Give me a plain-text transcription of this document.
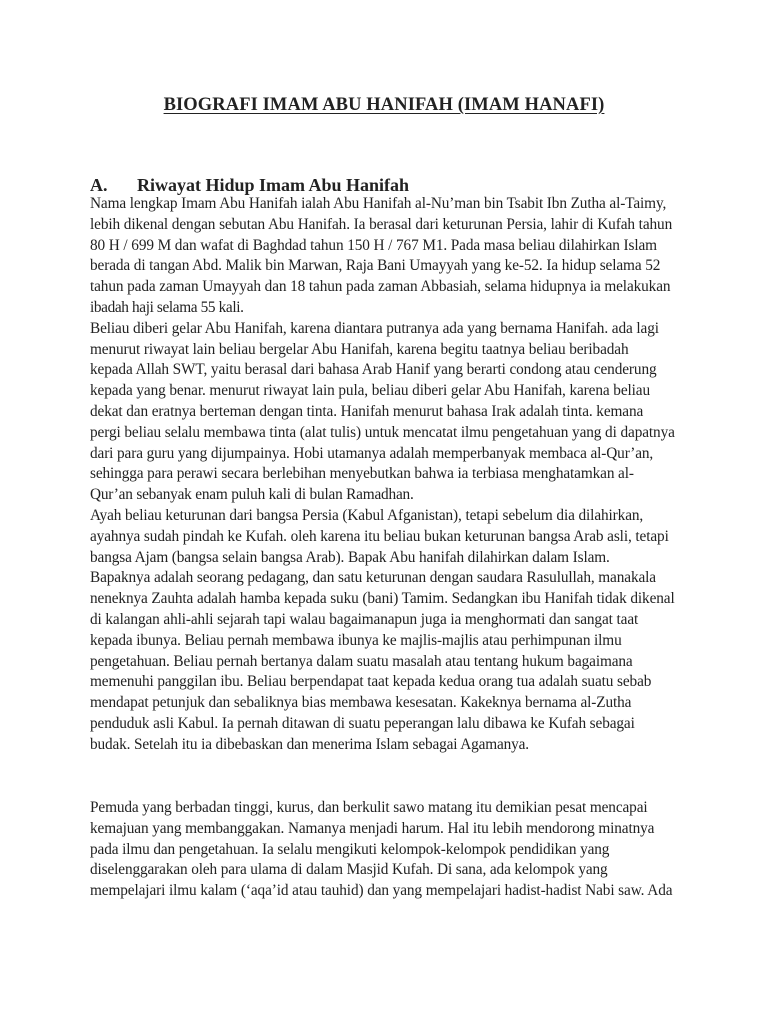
BIOGRAFI IMAM ABU HANIFAH (IMAM HANAFI)
A. Riwayat Hidup Imam Abu Hanifah
Nama lengkap Imam Abu Hanifah ialah Abu Hanifah al-Nu’man bin Tsabit Ibn Zutha al-Taimy,
lebih dikenal dengan sebutan Abu Hanifah. Ia berasal dari keturunan Persia, lahir di Kufah tahun
80 H / 699 M dan wafat di Baghdad tahun 150 H / 767 M1. Pada masa beliau dilahirkan Islam
berada di tangan Abd. Malik bin Marwan, Raja Bani Umayyah yang ke-52. Ia hidup selama 52
tahun pada zaman Umayyah dan 18 tahun pada zaman Abbasiah, selama hidupnya ia melakukan
ibadah haji selama 55 kali.
Beliau diberi gelar Abu Hanifah, karena diantara putranya ada yang bernama Hanifah. ada lagi
menurut riwayat lain beliau bergelar Abu Hanifah, karena begitu taatnya beliau beribadah
kepada Allah SWT, yaitu berasal dari bahasa Arab Hanif yang berarti condong atau cenderung
kepada yang benar. menurut riwayat lain pula, beliau diberi gelar Abu Hanifah, karena beliau
dekat dan eratnya berteman dengan tinta. Hanifah menurut bahasa Irak adalah tinta. kemana
pergi beliau selalu membawa tinta (alat tulis) untuk mencatat ilmu pengetahuan yang di dapatnya
dari para guru yang dijumpainya. Hobi utamanya adalah memperbanyak membaca al-Qur’an,
sehingga para perawi secara berlebihan menyebutkan bahwa ia terbiasa menghatamkan al-
Qur’an sebanyak enam puluh kali di bulan Ramadhan.
Ayah beliau keturunan dari bangsa Persia (Kabul Afganistan), tetapi sebelum dia dilahirkan,
ayahnya sudah pindah ke Kufah. oleh karena itu beliau bukan keturunan bangsa Arab asli, tetapi
bangsa Ajam (bangsa selain bangsa Arab). Bapak Abu hanifah dilahirkan dalam Islam.
Bapaknya adalah seorang pedagang, dan satu keturunan dengan saudara Rasulullah, manakala
neneknya Zauhta adalah hamba kepada suku (bani) Tamim. Sedangkan ibu Hanifah tidak dikenal
di kalangan ahli-ahli sejarah tapi walau bagaimanapun juga ia menghormati dan sangat taat
kepada ibunya. Beliau pernah membawa ibunya ke majlis-majlis atau perhimpunan ilmu
pengetahuan. Beliau pernah bertanya dalam suatu masalah atau tentang hukum bagaimana
memenuhi panggilan ibu. Beliau berpendapat taat kepada kedua orang tua adalah suatu sebab
mendapat petunjuk dan sebaliknya bias membawa kesesatan. Kakeknya bernama al-Zutha
penduduk asli Kabul. Ia pernah ditawan di suatu peperangan lalu dibawa ke Kufah sebagai
budak. Setelah itu ia dibebaskan dan menerima Islam sebagai Agamanya.
Pemuda yang berbadan tinggi, kurus, dan berkulit sawo matang itu demikian pesat mencapai
kemajuan yang membanggakan. Namanya menjadi harum. Hal itu lebih mendorong minatnya
pada ilmu dan pengetahuan. Ia selalu mengikuti kelompok-kelompok pendidikan yang
diselenggarakan oleh para ulama di dalam Masjid Kufah. Di sana, ada kelompok yang
mempelajari ilmu kalam (‘aqa’id atau tauhid) dan yang mempelajari hadist-hadist Nabi saw. Ada
